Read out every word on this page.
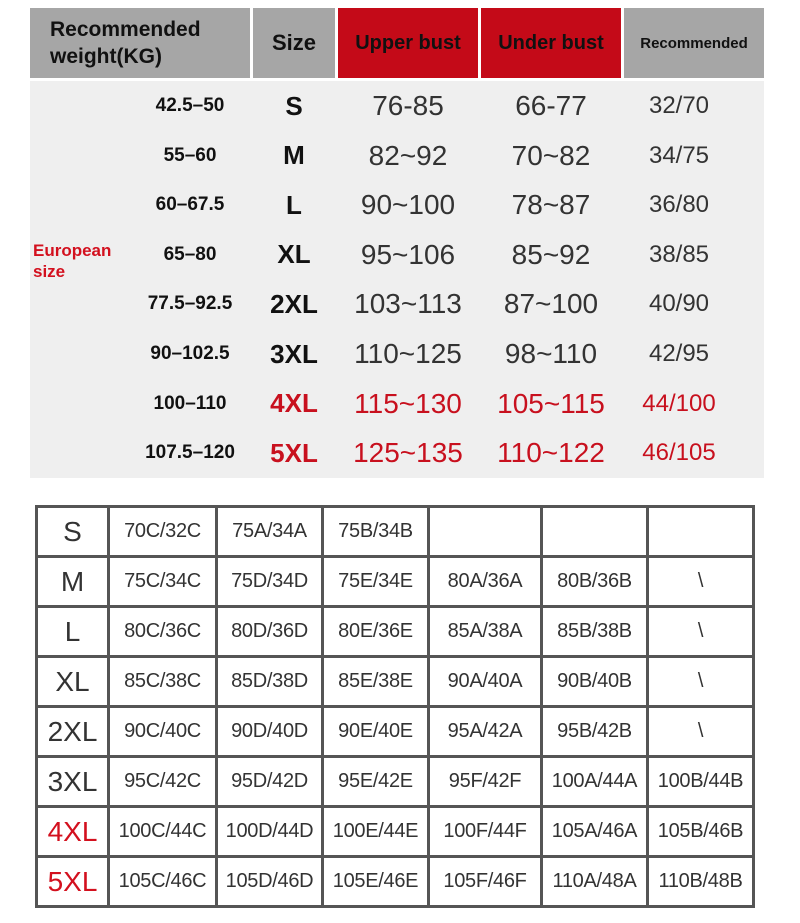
Recommended weight(KG)
Size	Upper bust	Under bust	Recommended
European size
42.5–50	S	76-85	66-77	32/70
55–60	M	82~92	70~82	34/75
60–67.5	L	90~100	78~87	36/80
65–80	XL	95~106	85~92	38/85
77.5–92.5	2XL	103~113	87~100	40/90
90–102.5	3XL	110~125	98~110	42/95
100–110	4XL	115~130	105~115	44/100
107.5–120	5XL	125~135	110~122	46/105
S	70C/32C	75A/34A	75B/34B			
M	75C/34C	75D/34D	75E/34E	80A/36A	80B/36B	\
L	80C/36C	80D/36D	80E/36E	85A/38A	85B/38B	\
XL	85C/38C	85D/38D	85E/38E	90A/40A	90B/40B	\
2XL	90C/40C	90D/40D	90E/40E	95A/42A	95B/42B	\
3XL	95C/42C	95D/42D	95E/42E	95F/42F	100A/44A	100B/44B
4XL	100C/44C	100D/44D	100E/44E	100F/44F	105A/46A	105B/46B
5XL	105C/46C	105D/46D	105E/46E	105F/46F	110A/48A	110B/48B
